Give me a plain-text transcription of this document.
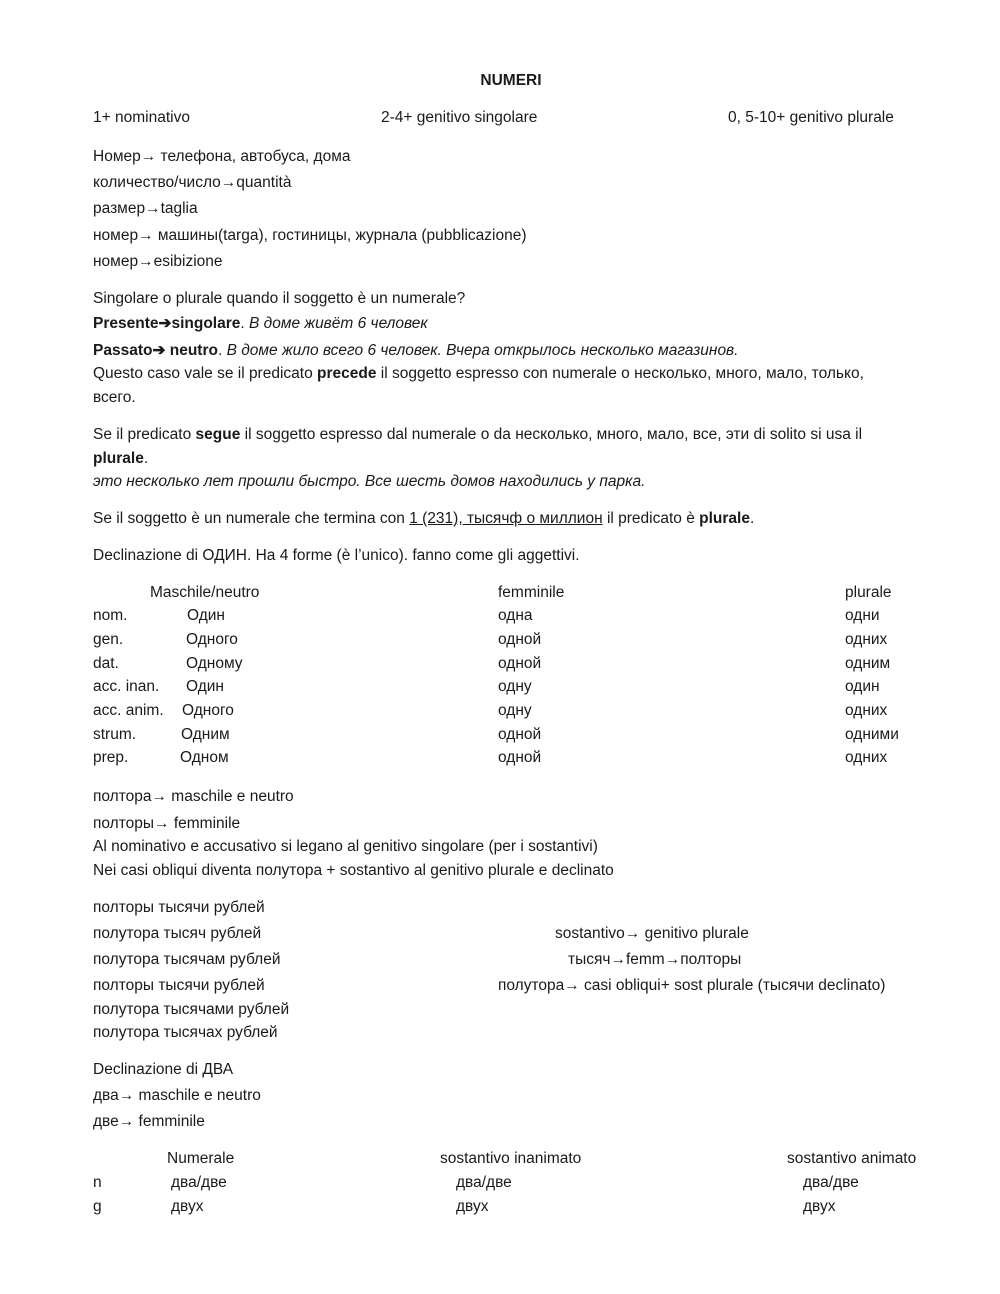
NUMERI
1+ nominativo	2-4+ genitivo singolare	0, 5-10+ genitivo plurale
Номер→ телефона, автобуса, дома
количество/число→quantità
размер→taglia
номер→ машины(targa), гостиницы, журнала (pubblicazione)
номер→esibizione
Singolare o plurale quando il soggetto è un numerale?
Presente➔singolare. В доме живёт 6 человек
Passato➔ neutro. В доме жило всего 6 человек. Вчера открылось несколько магазинов.
Questo caso vale se il predicato precede il soggetto espresso con numerale o несколько, много, мало, только,
всего.
Se il predicato segue il soggetto espresso dal numerale o da несколько, много, мало, все, эти di solito si usa il
plurale.
это несколько лет прошли быстро. Все шесть домов находились у парка.
Se il soggetto è un numerale che termina con 1 (231), тысячф о миллион il predicato è plurale.
Declinazione di ОДИН. Ha 4 forme (è l’unico). fanno come gli aggettivi.
Maschile/neutro	femminile	plurale
nom.	Один	одна	одни
gen.	Одного	одной	одних
dat.	Одному	одной	одним
acc. inan. Один	одну	один
acc. anim. Одного	одну	одних
strum.	Одним	одной	одними
prep.	Одном	одной	одних
полтора→ maschile e neutro
полторы→ femminile
Al nominativo e accusativo si legano al genitivo singolare (per i sostantivi)
Nei casi obliqui diventa полутора + sostantivo al genitivo plurale e declinato
полторы тысячи рублей
полутора тысяч рублей
полутора тысячам рублей
полторы тысячи рублей
полутора тысячами рублей
полутора тысячах рублей
sostantivo→ genitivo plurale
тысяч→femm→полторы
полутора→ casi obliqui+ sost plurale (тысячи declinato)
Declinazione di ДВА
два→ maschile e neutro
две→ femminile
Numerale	sostantivo inanimato	sostantivo animato
n	два/две	два/две	два/две
g	двух	двух	двух
